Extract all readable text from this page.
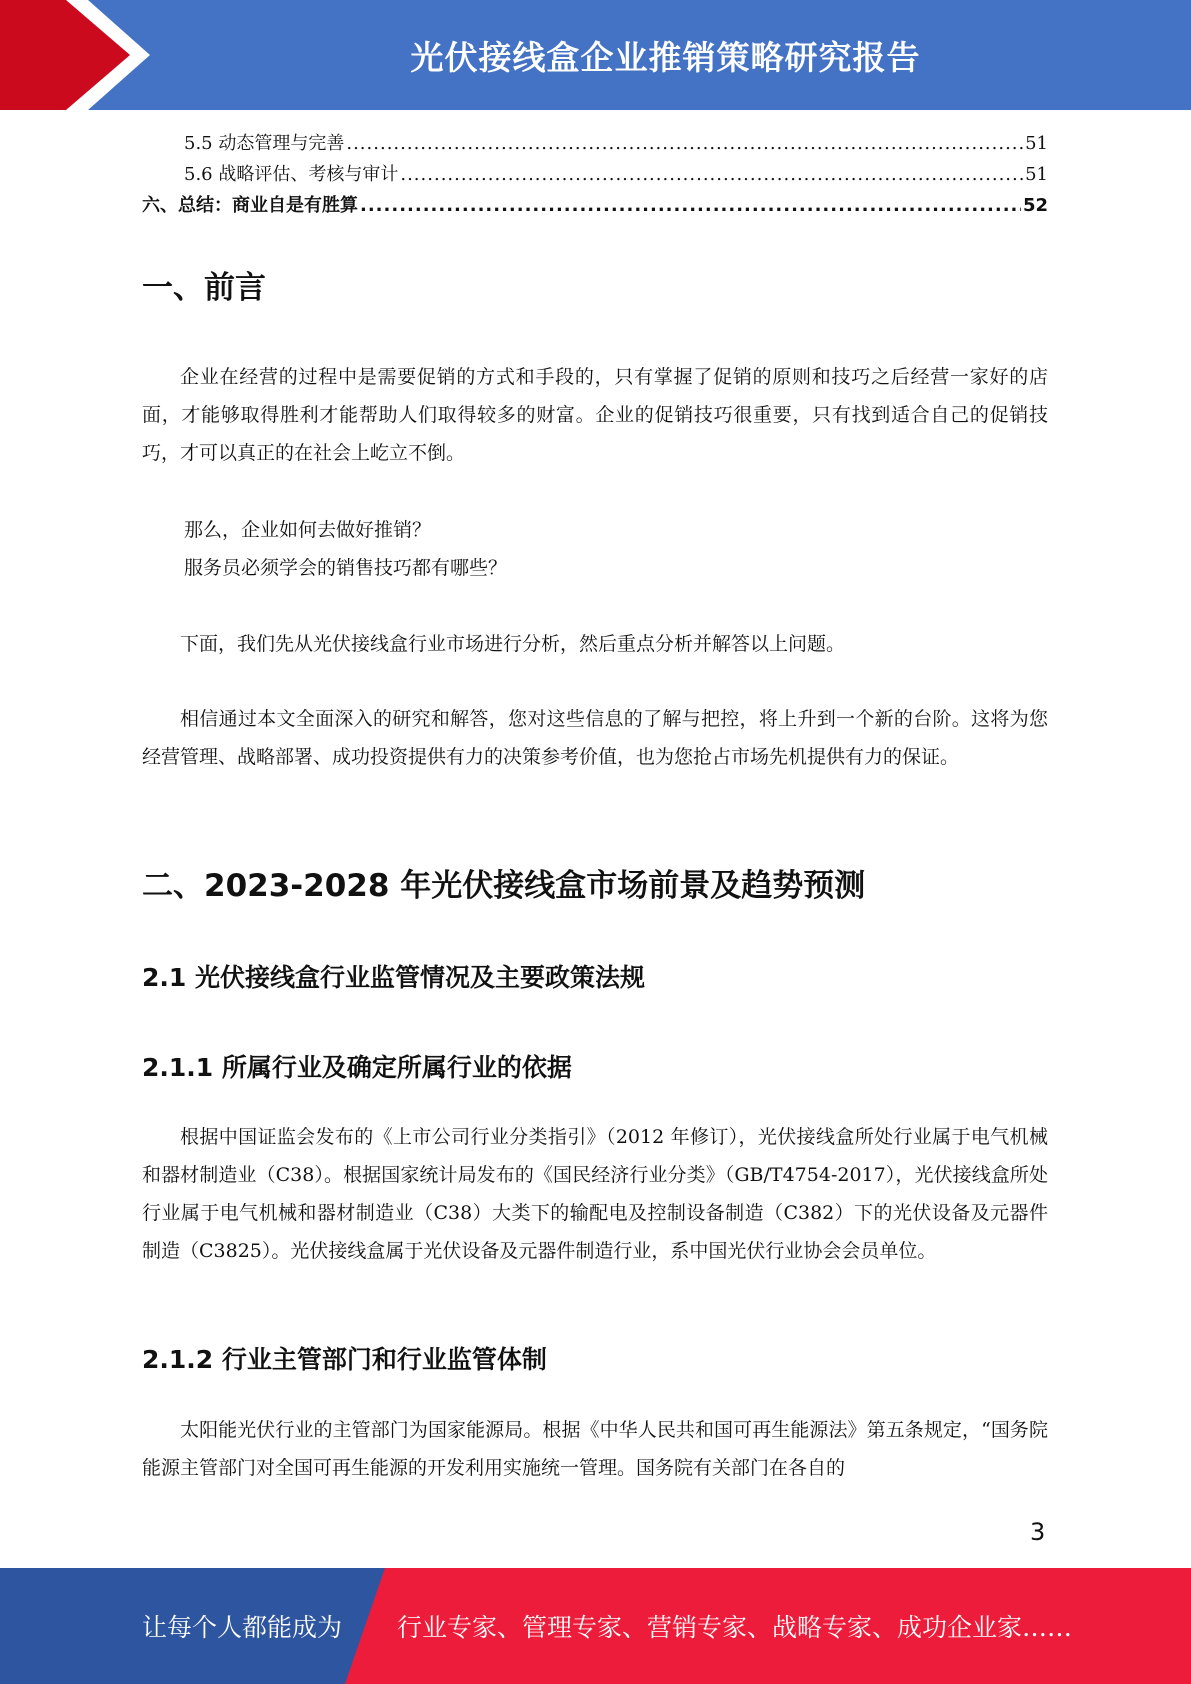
光伏接线盒企业推销策略研究报告
5.5 动态管理与完善 .....	51
5.6 战略评估、考核与审计 .....	51
六、总结：商业自是有胜算 .....	52
一、前言

企业在经营的过程中是需要促销的方式和手段的，只有掌握了促销的原则和技巧之后经营一家好的店面，才能够取得胜利才能帮助人们取得较多的财富。企业的促销技巧很重要，只有找到适合自己的促销技巧，才可以真正的在社会上屹立不倒。

那么，企业如何去做好推销？

服务员必须学会的销售技巧都有哪些？

下面，我们先从光伏接线盒行业市场进行分析，然后重点分析并解答以上问题。

相信通过本文全面深入的研究和解答，您对这些信息的了解与把控，将上升到一个新的台阶。这将为您经营管理、战略部署、成功投资提供有力的决策参考价值，也为您抢占市场先机提供有力的保证。

二、2023-2028 年光伏接线盒市场前景及趋势预测
2.1 光伏接线盒行业监管情况及主要政策法规
2.1.1 所属行业及确定所属行业的依据

根据中国证监会发布的《上市公司行业分类指引》（2012 年修订），光伏接线盒所处行业属于电气机械和器材制造业（C38）。根据国家统计局发布的《国民经济行业分类》（GB/T4754-2017），光伏接线盒所处行业属于电气机械和器材制造业（C38）大类下的输配电及控制设备制造（C382）下的光伏设备及元器件制造（C3825）。光伏接线盒属于光伏设备及元器件制造行业，系中国光伏行业协会会员单位。

2.1.2 行业主管部门和行业监管体制

太阳能光伏行业的主管部门为国家能源局。根据《中华人民共和国可再生能源法》第五条规定，“国务院能源主管部门对全国可再生能源的开发利用实施统一管理。国务院有关部门在各自的

3
让每个人都能成为 行业专家、管理专家、营销专家、战略专家、成功企业家……
